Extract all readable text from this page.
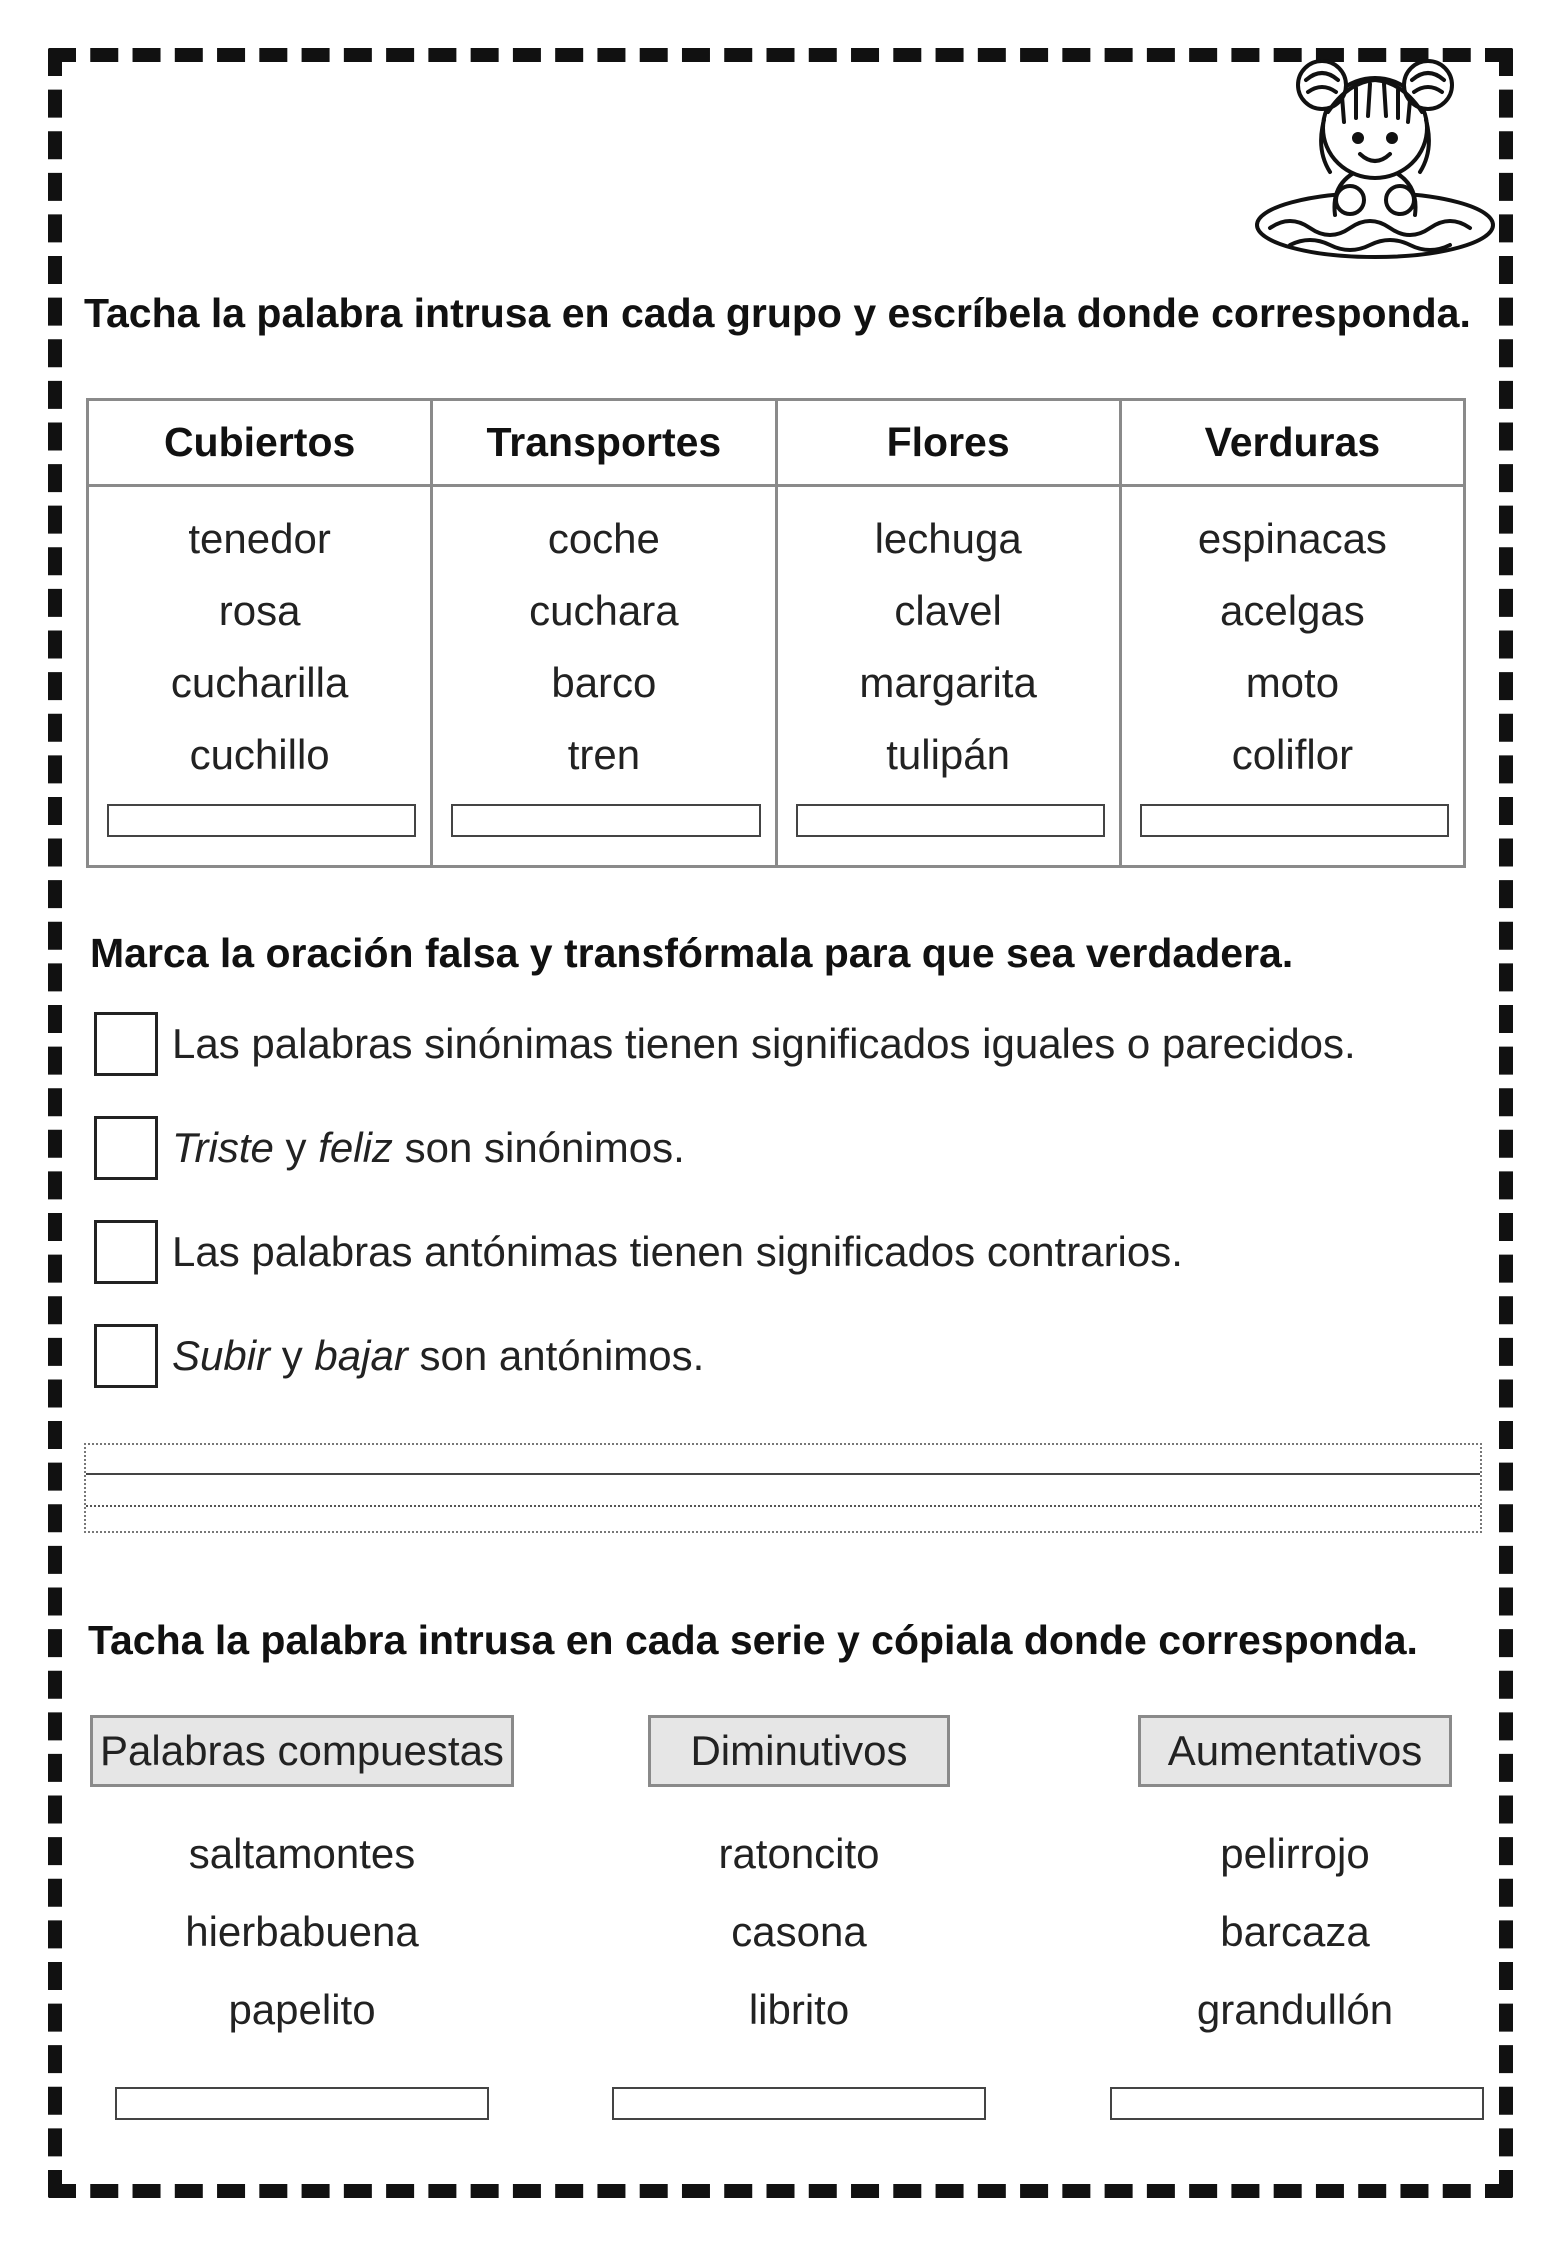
Tacha la palabra intrusa en cada grupo y escríbela donde corresponda.
Cubiertos
tenedor
rosa
cucharilla
cuchillo
Transportes
coche
cuchara
barco
tren
Flores
lechuga
clavel
margarita
tulipán
Verduras
espinacas
acelgas
moto
coliflor
Marca la oración falsa y transfórmala para que sea verdadera.
Las palabras sinónimas tienen significados iguales o parecidos.
Triste y feliz son sinónimos.
Las palabras antónimas tienen significados contrarios.
Subir y bajar son antónimos.
Tacha la palabra intrusa en cada serie y cópiala donde corresponda.
Palabras compuestas	Diminutivos	Aumentativos
saltamontes
hierbabuena
papelito
ratoncito
casona
librito
pelirrojo
barcaza
grandullón
